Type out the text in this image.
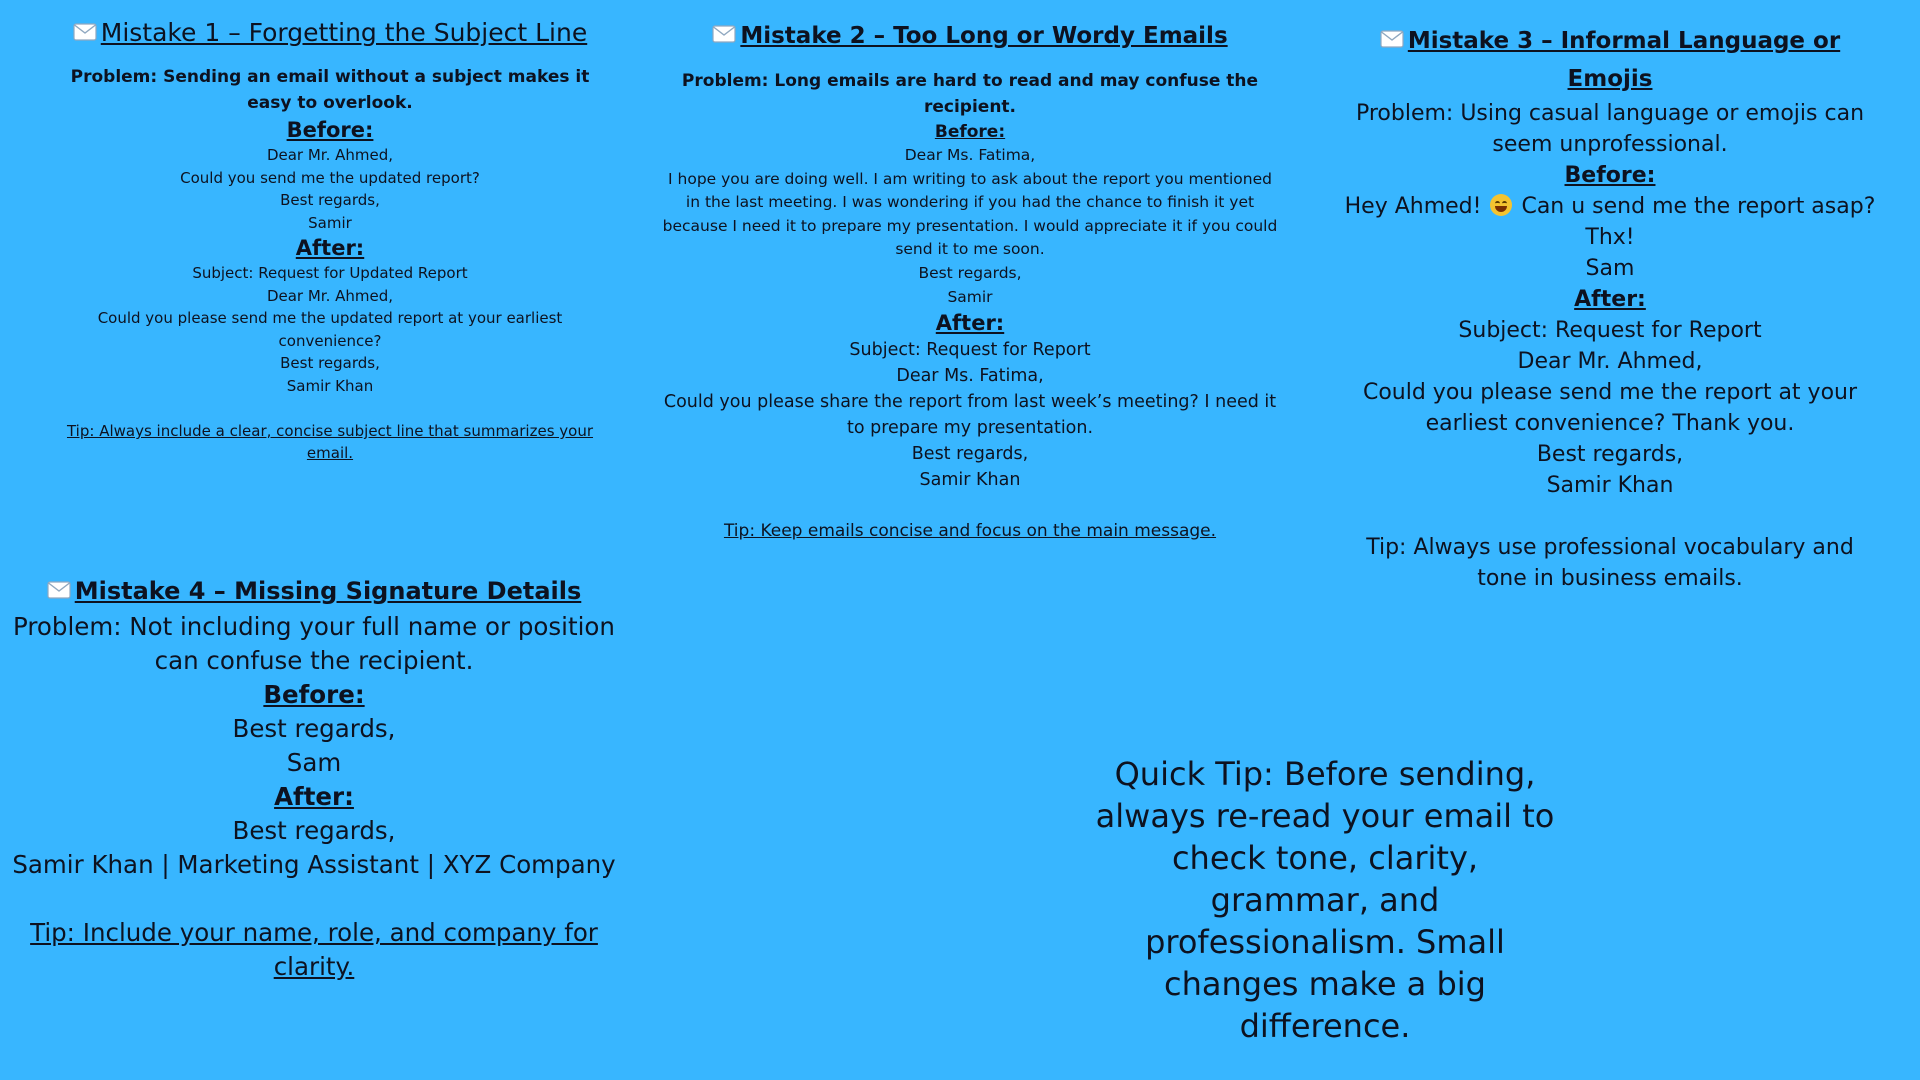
Mistake 1 – Forgetting the Subject Line

Problem: Sending an email without a subject makes it easy to overlook.

Before:

Dear Mr. Ahmed,

Could you send me the updated report?

Best regards,

Samir

After:

Subject: Request for Updated Report

Dear Mr. Ahmed,

Could you please send me the updated report at your earliest convenience?

Best regards,

Samir Khan

Tip: Always include a clear, concise subject line that summarizes your email.

Mistake 2 – Too Long or Wordy Emails

Problem: Long emails are hard to read and may confuse the recipient.

Before:

Dear Ms. Fatima,

I hope you are doing well. I am writing to ask about the report you mentioned in the last meeting. I was wondering if you had the chance to finish it yet because I need it to prepare my presentation. I would appreciate it if you could send it to me soon.

Best regards,

Samir

After:

Subject: Request for Report

Dear Ms. Fatima,

Could you please share the report from last week’s meeting? I need it to prepare my presentation.

Best regards,

Samir Khan

Tip: Keep emails concise and focus on the main message.

Mistake 3 – Informal Language or Emojis

Problem: Using casual language or emojis can seem unprofessional.

Before:

Hey Ahmed! Can u send me the report asap?

Thx!

Sam

After:

Subject: Request for Report

Dear Mr. Ahmed,

Could you please send me the report at your earliest convenience? Thank you.

Best regards,

Samir Khan

Tip: Always use professional vocabulary and tone in business emails.

Mistake 4 – Missing Signature Details

Problem: Not including your full name or position can confuse the recipient.

Before:

Best regards,

Sam

After:

Best regards,

Samir Khan | Marketing Assistant | XYZ Company

Tip: Include your name, role, and company for clarity.

Quick Tip: Before sending, always re-read your email to check tone, clarity, grammar, and professionalism. Small changes make a big difference.
